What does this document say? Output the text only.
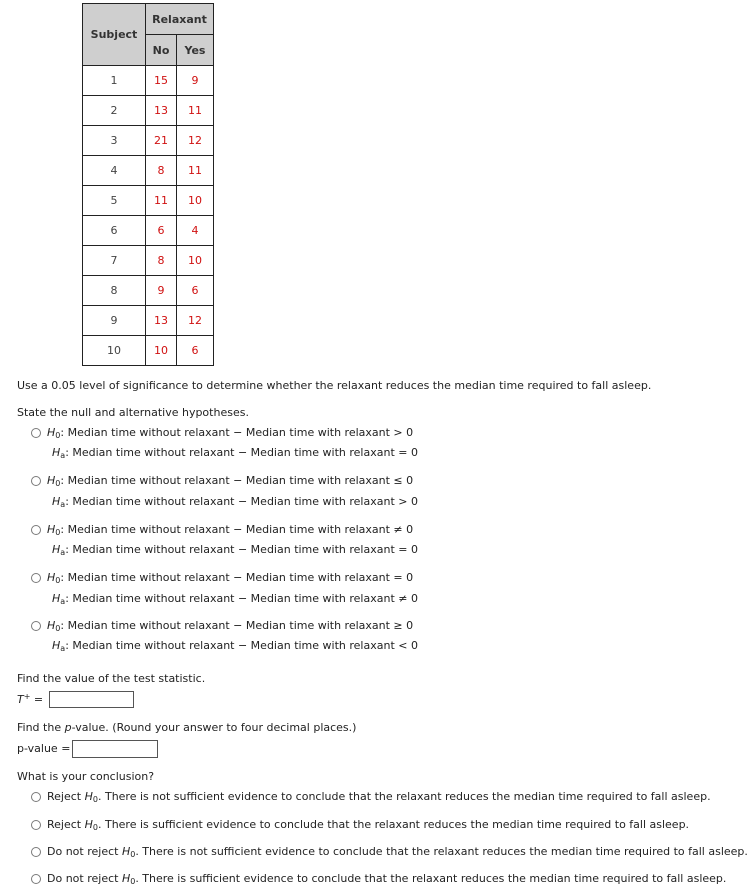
Subject	Relaxant	
	No	Yes
1	15	9
2	13	11
3	21	12
4	8	11
5	11	10
6	6	4
7	8	10
8	9	6
9	13	12
10	10	6
Use a 0.05 level of significance to determine whether the relaxant reduces the median time required to fall asleep.
State the null and alternative hypotheses.
$H_0$: Median time without relaxant − Median time with relaxant > 0
$H_a$: Median time without relaxant − Median time with relaxant = 0
$H_0$: Median time without relaxant − Median time with relaxant ≤ 0
$H_a$: Median time without relaxant − Median time with relaxant > 0
$H_0$: Median time without relaxant − Median time with relaxant ≠ 0
$H_a$: Median time without relaxant − Median time with relaxant = 0
$H_0$: Median time without relaxant − Median time with relaxant = 0
$H_a$: Median time without relaxant − Median time with relaxant ≠ 0
$H_0$: Median time without relaxant − Median time with relaxant ≥ 0
$H_a$: Median time without relaxant − Median time with relaxant < 0
Find the value of the test statistic.
T+ =
Find the p-value. (Round your answer to four decimal places.)
p-value =
What is your conclusion?
Reject $H_0$. There is not sufficient evidence to conclude that the relaxant reduces the median time required to fall asleep.
Reject $H_0$. There is sufficient evidence to conclude that the relaxant reduces the median time required to fall asleep.
Do not reject $H_0$. There is not sufficient evidence to conclude that the relaxant reduces the median time required to fall asleep.
Do not reject $H_0$. There is sufficient evidence to conclude that the relaxant reduces the median time required to fall asleep.
